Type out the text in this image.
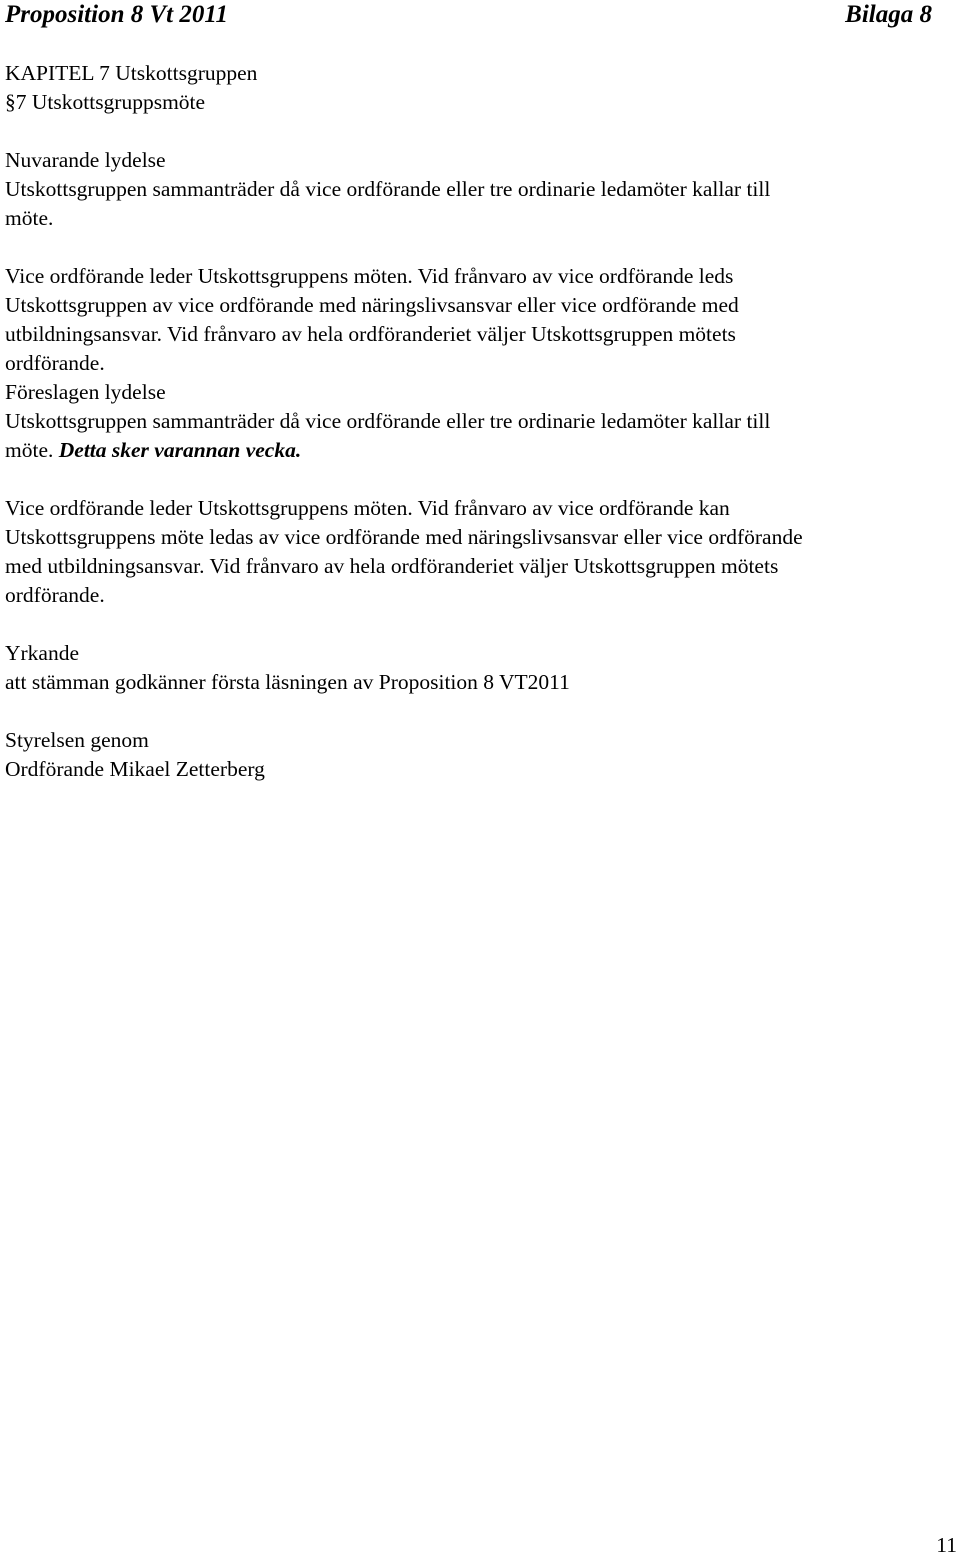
Proposition 8 Vt 2011	Bilaga 8
KAPITEL 7 Utskottsgruppen
§7 Utskottsgruppsmöte
Nuvarande lydelse
Utskottsgruppen sammanträder då vice ordförande eller tre ordinarie ledamöter kallar till
möte.
Vice ordförande leder Utskottsgruppens möten. Vid frånvaro av vice ordförande leds
Utskottsgruppen av vice ordförande med näringslivsansvar eller vice ordförande med
utbildningsansvar. Vid frånvaro av hela ordföranderiet väljer Utskottsgruppen mötets
ordförande.
Föreslagen lydelse
Utskottsgruppen sammanträder då vice ordförande eller tre ordinarie ledamöter kallar till
möte. Detta sker varannan vecka.
Vice ordförande leder Utskottsgruppens möten. Vid frånvaro av vice ordförande kan
Utskottsgruppens möte ledas av vice ordförande med näringslivsansvar eller vice ordförande
med utbildningsansvar. Vid frånvaro av hela ordföranderiet väljer Utskottsgruppen mötets
ordförande.
Yrkande
att stämman godkänner första läsningen av Proposition 8 VT2011
Styrelsen genom
Ordförande Mikael Zetterberg
11
